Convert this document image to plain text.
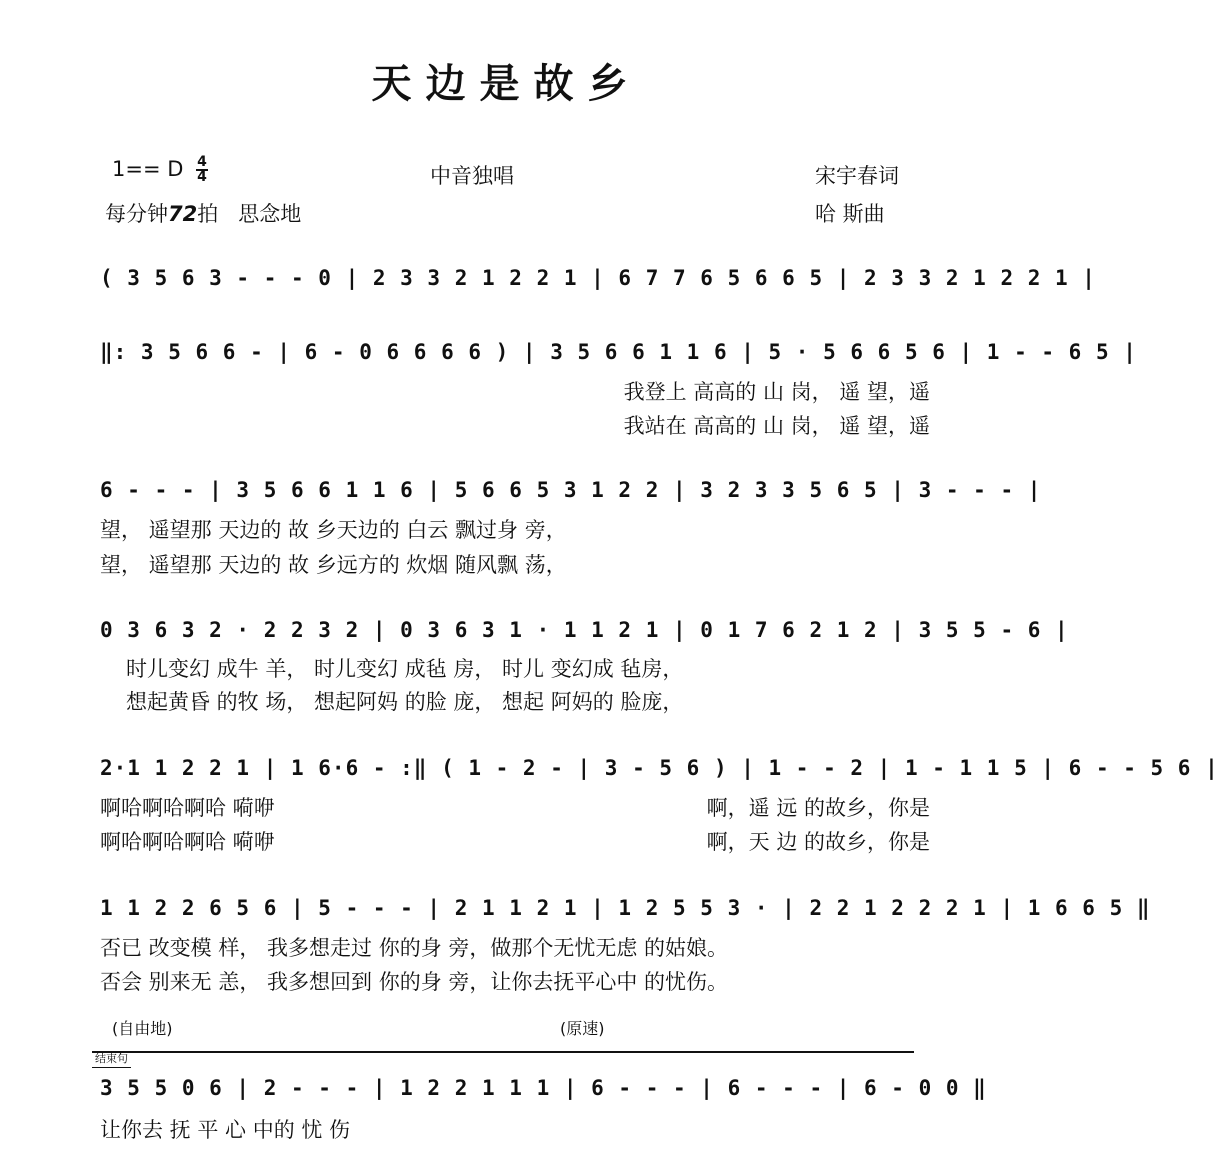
天边是故乡
1== D $\frac{4}{4}$	中音独唱	宋宇春词
每分钟72拍 思念地	哈 斯曲
( 3 5 6 3 - - - 0 | 2 3 3 2 1 2 2 1 | 6 7 7 6 5 6 6 5 | 2 3 3 2 1 2 2 1 |
‖: 3 5 6 6 - | 6 - 0 6 6 6 6 ) | 3 5 6 6 1 1 6 | 5 · 5 6 6 5 6 | 1 - - 6 5 |
我登上 高高的 山 岗， 遥 望，遥
我站在 高高的 山 岗， 遥 望，遥
6 - - - | 3 5 6 6 1 1 6 | 5 6 6 5 3 1 2 2 | 3 2 3 3 5 6 5 | 3 - - - |
望， 遥望那 天边的 故 乡天边的 白云 飘过身 旁，
望， 遥望那 天边的 故 乡远方的 炊烟 随风飘 荡，
0 3 6 3 2 · 2 2 3 2 | 0 3 6 3 1 · 1 1 2 1 | 0 1 7 6 2 1 2 | 3 5 5 - 6 |
时儿变幻 成牛 羊， 时儿变幻 成毡 房， 时儿 变幻成 毡房，
想起黄昏 的牧 场， 想起阿妈 的脸 庞， 想起 阿妈的 脸庞，
2·1 1 2 2 1 | 1 6·6 - :‖ ( 1 - 2 - | 3 - 5 6 ) | 1 - - 2 | 1 - 1 1 5 | 6 - - 5 6 |
啊哈啊哈啊哈 嗬咿	啊，遥 远 的故乡，你是
啊哈啊哈啊哈 嗬咿	啊，天 边 的故乡，你是
1 1 2 2 6 5 6 | 5 - - - | 2 1 1 2 1 | 1 2 5 5 3 · | 2 2 1 2 2 2 1 | 1 6 6 5 ‖
否已 改变模 样， 我多想走过 你的身 旁，做那个无忧无虑 的姑娘。
否会 别来无 恙， 我多想回到 你的身 旁，让你去抚平心中 的忧伤。
(自由地)	(原速)
结束句
3 5 5 0 6 | 2 - - - | 1 2 2 1 1 1 | 6 - - - | 6 - - - | 6 - 0 0 ‖
让你去 抚 平 心 中的 忧 伤
